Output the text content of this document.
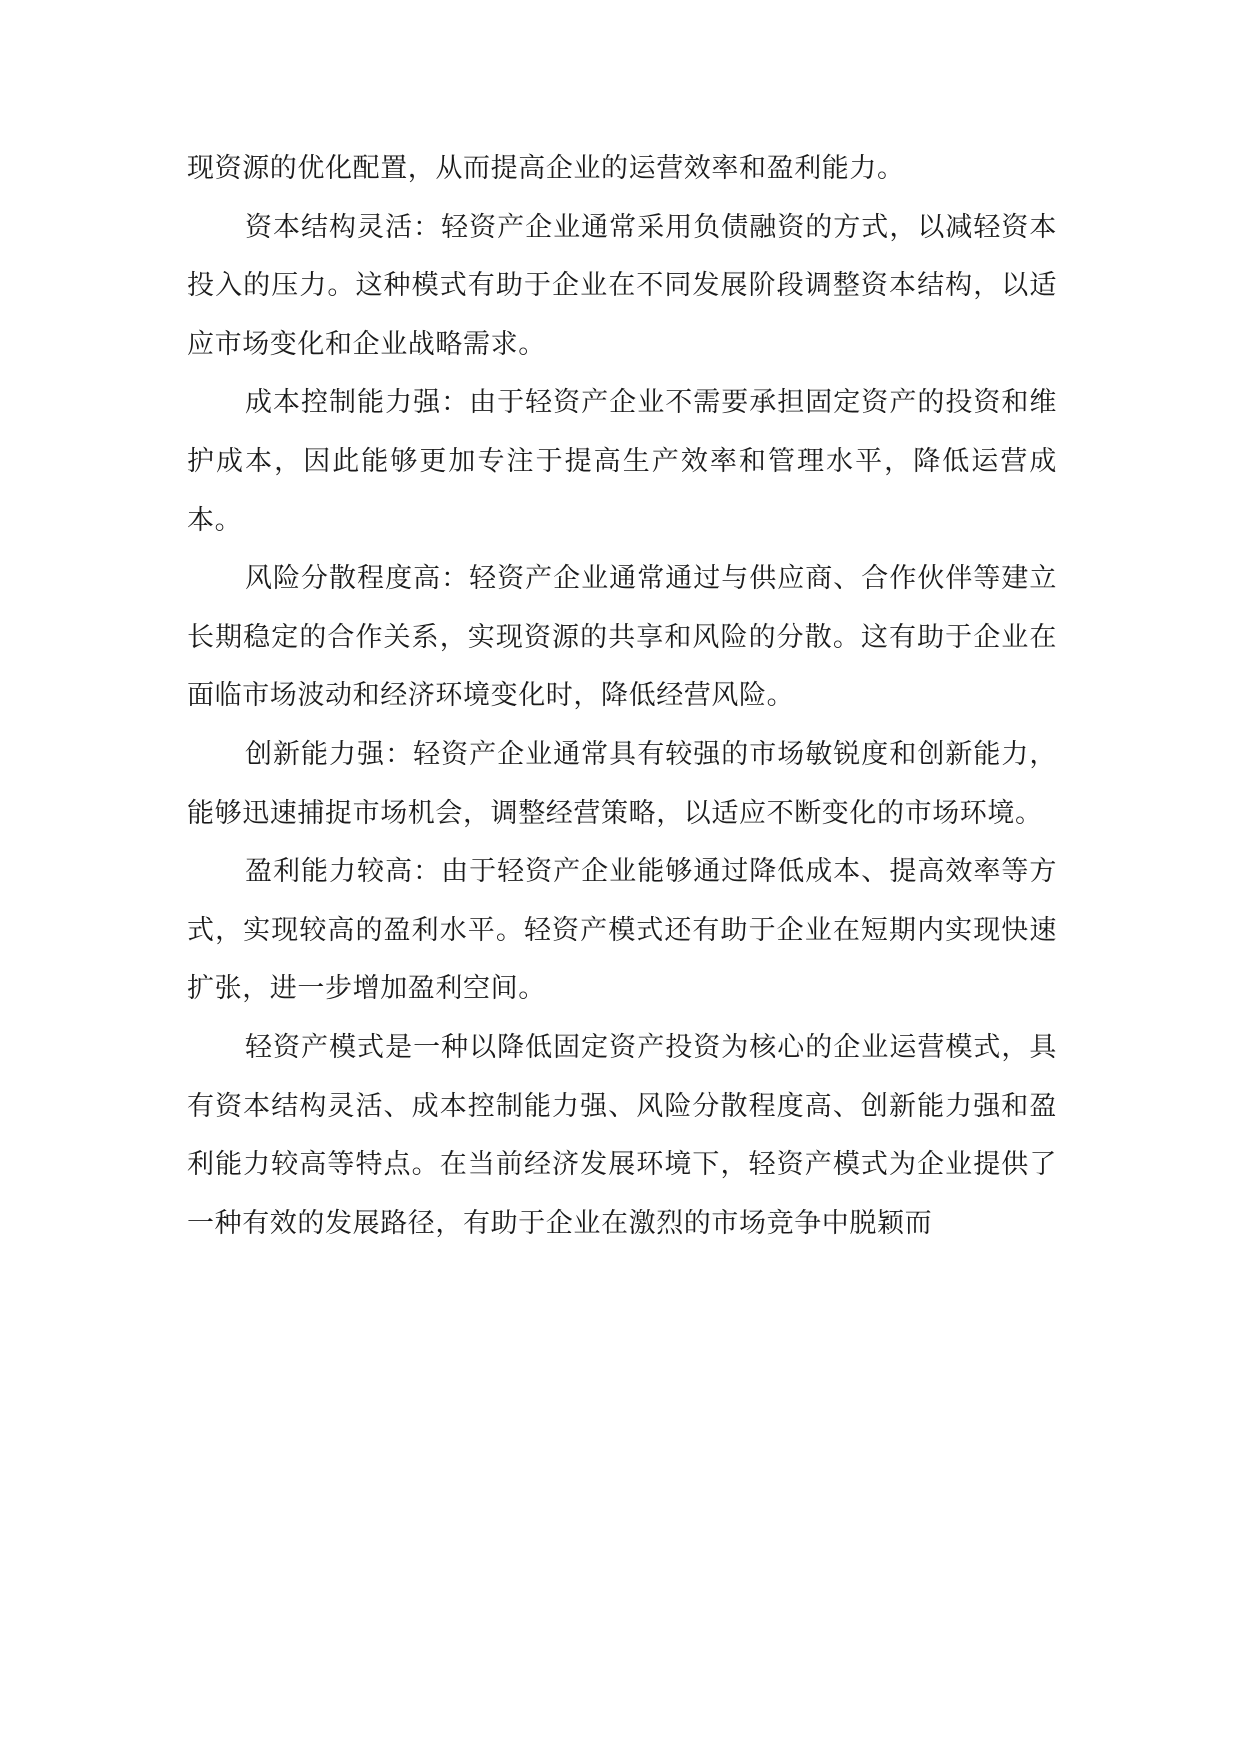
现资源的优化配置，从而提高企业的运营效率和盈利能力。

资本结构灵活：轻资产企业通常采用负债融资的方式，以减轻资本投入的压力。这种模式有助于企业在不同发展阶段调整资本结构，以适应市场变化和企业战略需求。

成本控制能力强：由于轻资产企业不需要承担固定资产的投资和维护成本，因此能够更加专注于提高生产效率和管理水平，降低运营成本。

风险分散程度高：轻资产企业通常通过与供应商、合作伙伴等建立长期稳定的合作关系，实现资源的共享和风险的分散。这有助于企业在面临市场波动和经济环境变化时，降低经营风险。

创新能力强：轻资产企业通常具有较强的市场敏锐度和创新能力，能够迅速捕捉市场机会，调整经营策略，以适应不断变化的市场环境。

盈利能力较高：由于轻资产企业能够通过降低成本、提高效率等方式，实现较高的盈利水平。轻资产模式还有助于企业在短期内实现快速扩张，进一步增加盈利空间。

轻资产模式是一种以降低固定资产投资为核心的企业运营模式，具有资本结构灵活、成本控制能力强、风险分散程度高、创新能力强和盈利能力较高等特点。在当前经济发展环境下，轻资产模式为企业提供了一种有效的发展路径，有助于企业在激烈的市场竞争中脱颖而
